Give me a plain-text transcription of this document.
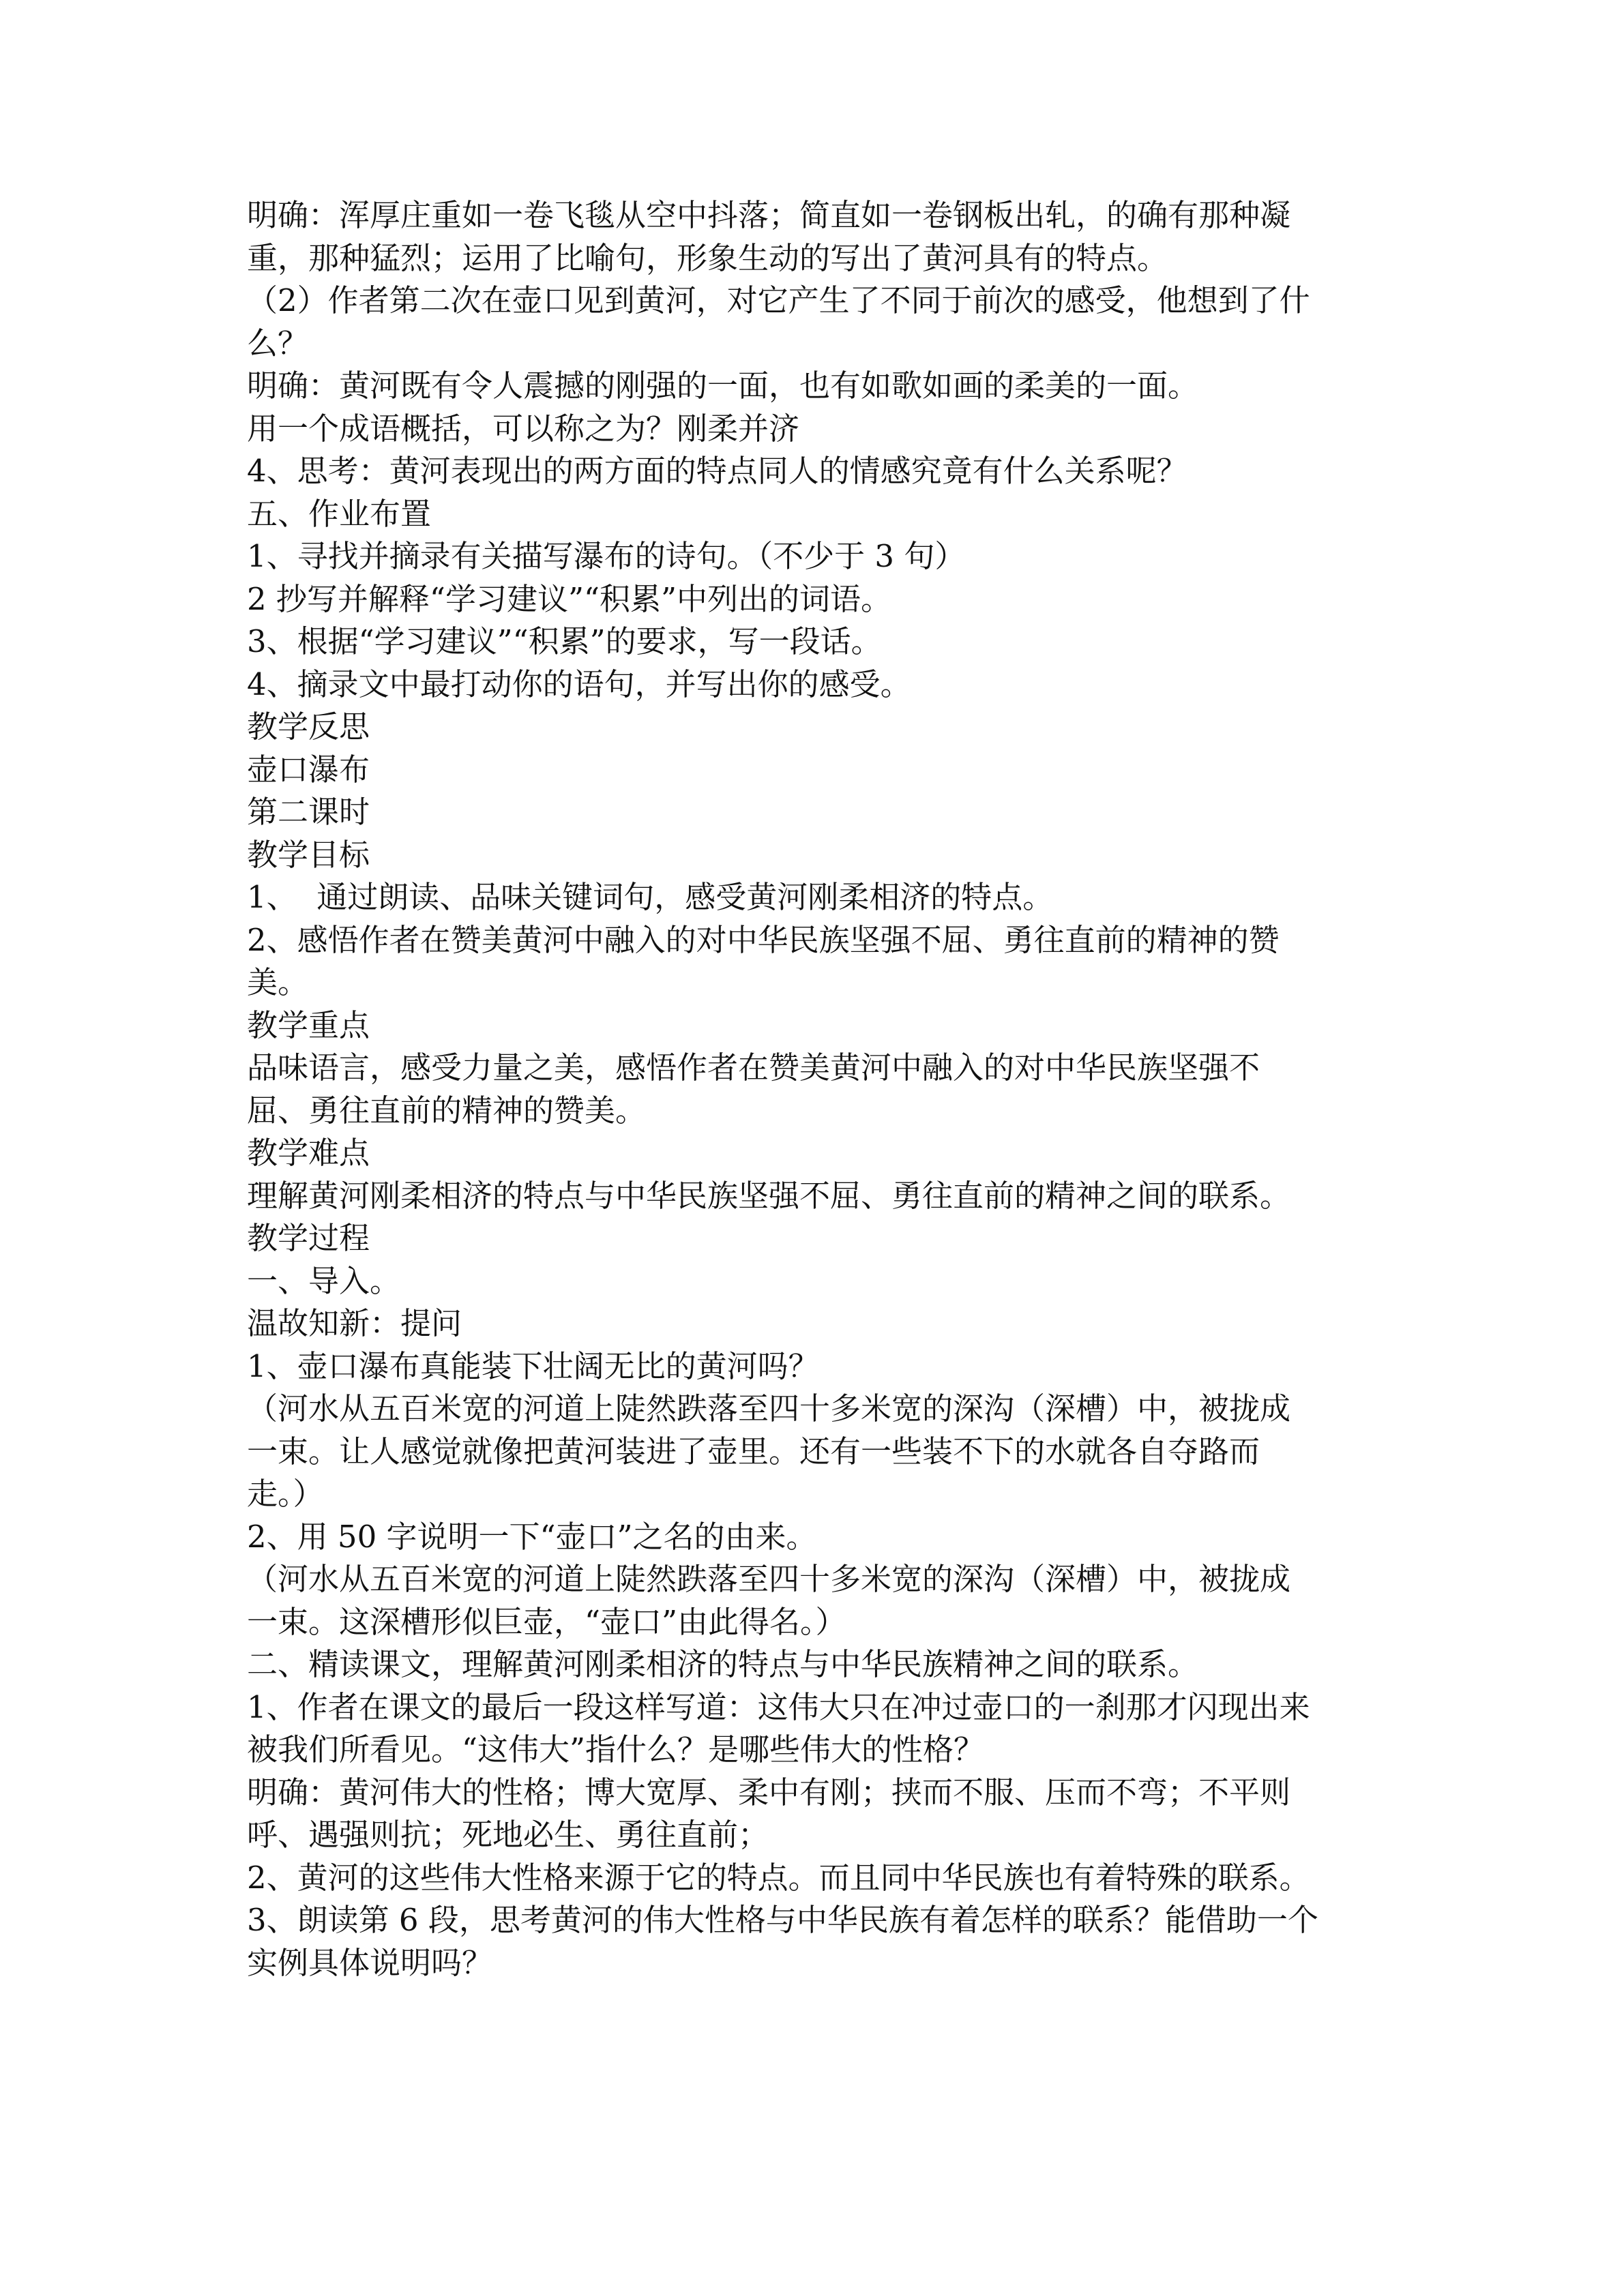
明确：浑厚庄重如一卷飞毯从空中抖落；简直如一卷钢板出轧，的确有那种凝
重，那种猛烈；运用了比喻句，形象生动的写出了黄河具有的特点。
（2）作者第二次在壶口见到黄河，对它产生了不同于前次的感受，他想到了什
么？
明确：黄河既有令人震撼的刚强的一面，也有如歌如画的柔美的一面。
用一个成语概括，可以称之为？刚柔并济
4、思考：黄河表现出的两方面的特点同人的情感究竟有什么关系呢？
五、作业布置
1、寻找并摘录有关描写瀑布的诗句。（不少于 3 句）
2 抄写并解释“学习建议”“积累”中列出的词语。
3、根据“学习建议”“积累”的要求，写一段话。
4、摘录文中最打动你的语句，并写出你的感受。
教学反思
壶口瀑布
第二课时
教学目标
1、  通过朗读、品味关键词句，感受黄河刚柔相济的特点。
2、感悟作者在赞美黄河中融入的对中华民族坚强不屈、勇往直前的精神的赞
美。
教学重点
品味语言，感受力量之美，感悟作者在赞美黄河中融入的对中华民族坚强不
屈、勇往直前的精神的赞美。
教学难点
理解黄河刚柔相济的特点与中华民族坚强不屈、勇往直前的精神之间的联系。
教学过程
一、导入。
温故知新：提问
1、壶口瀑布真能装下壮阔无比的黄河吗？
（河水从五百米宽的河道上陡然跌落至四十多米宽的深沟（深槽）中，被拢成
一束。让人感觉就像把黄河装进了壶里。还有一些装不下的水就各自夺路而
走。）
2、用 50 字说明一下“壶口”之名的由来。
（河水从五百米宽的河道上陡然跌落至四十多米宽的深沟（深槽）中，被拢成
一束。这深槽形似巨壶，“壶口”由此得名。）
二、精读课文，理解黄河刚柔相济的特点与中华民族精神之间的联系。
1、作者在课文的最后一段这样写道：这伟大只在冲过壶口的一刹那才闪现出来
被我们所看见。“这伟大”指什么？是哪些伟大的性格？
明确：黄河伟大的性格；博大宽厚、柔中有刚；挟而不服、压而不弯；不平则
呼、遇强则抗；死地必生、勇往直前；
2、黄河的这些伟大性格来源于它的特点。而且同中华民族也有着特殊的联系。
3、朗读第 6 段，思考黄河的伟大性格与中华民族有着怎样的联系？能借助一个
实例具体说明吗？
